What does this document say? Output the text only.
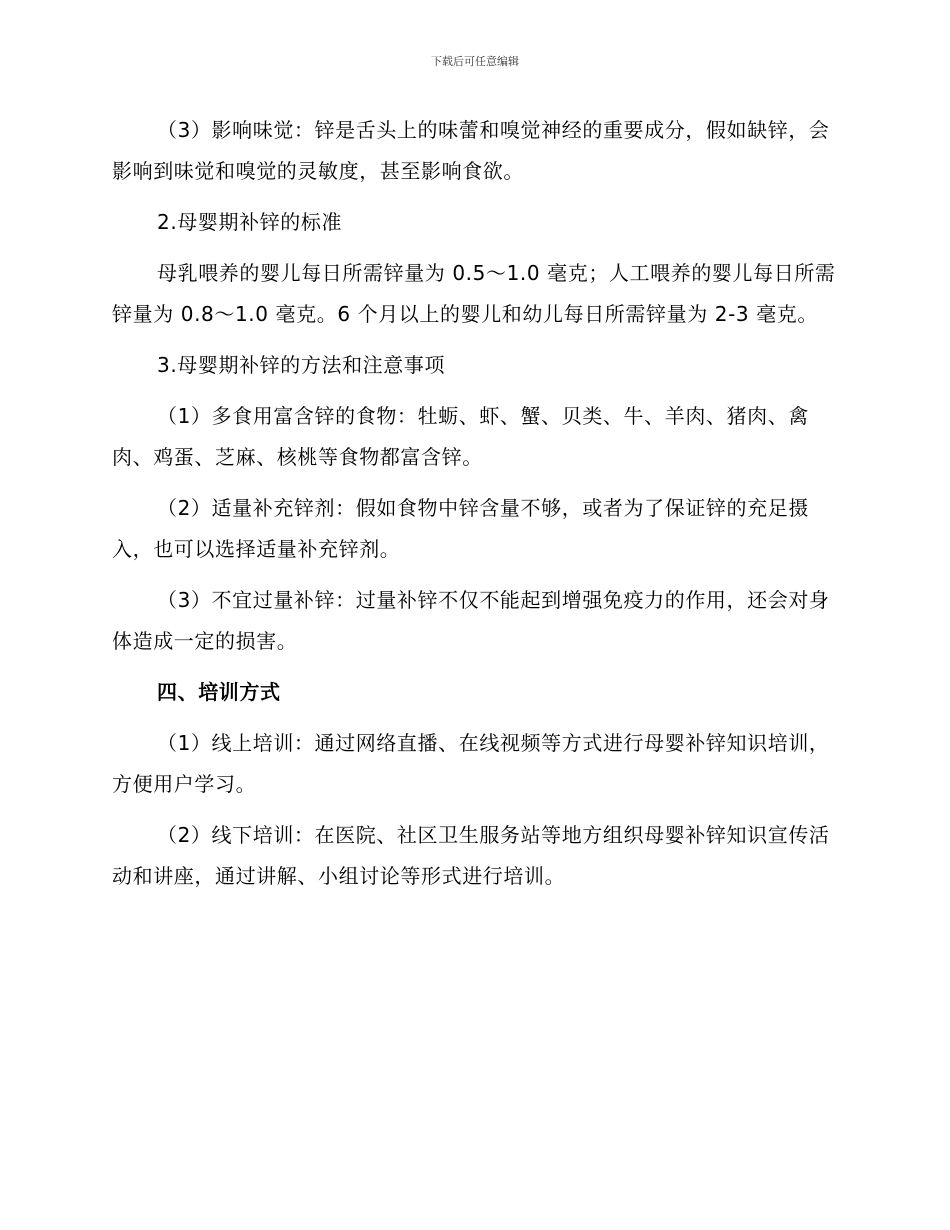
下载后可任意编辑

（3）影响味觉：锌是舌头上的味蕾和嗅觉神经的重要成分，假如缺锌，会影响到味觉和嗅觉的灵敏度，甚至影响食欲。

2.母婴期补锌的标准

母乳喂养的婴儿每日所需锌量为 0.5～1.0 毫克；人工喂养的婴儿每日所需锌量为 0.8～1.0 毫克。6 个月以上的婴儿和幼儿每日所需锌量为 2-3 毫克。

3.母婴期补锌的方法和注意事项

（1）多食用富含锌的食物：牡蛎、虾、蟹、贝类、牛、羊肉、猪肉、禽肉、鸡蛋、芝麻、核桃等食物都富含锌。

（2）适量补充锌剂：假如食物中锌含量不够，或者为了保证锌的充足摄入，也可以选择适量补充锌剂。

（3）不宜过量补锌：过量补锌不仅不能起到增强免疫力的作用，还会对身体造成一定的损害。

四、培训方式

（1）线上培训：通过网络直播、在线视频等方式进行母婴补锌知识培训，方便用户学习。

（2）线下培训：在医院、社区卫生服务站等地方组织母婴补锌知识宣传活动和讲座，通过讲解、小组讨论等形式进行培训。
